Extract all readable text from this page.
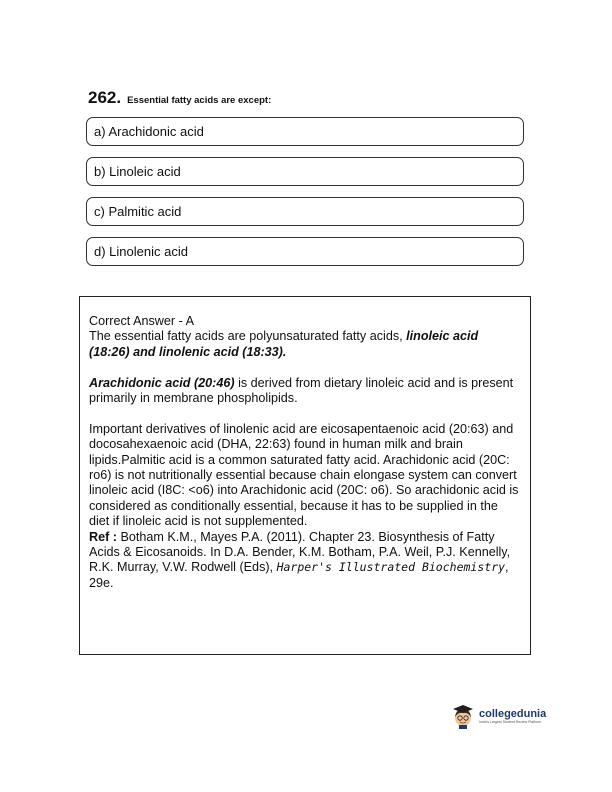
262. Essential fatty acids are except:
a) Arachidonic acid
b) Linoleic acid
c) Palmitic acid
d) Linolenic acid

Correct Answer - A

The essential fatty acids are polyunsaturated fatty acids, linoleic acid (18:26) and linolenic acid (18:33).

Arachidonic acid (20:46) is derived from dietary linoleic acid and is present primarily in membrane phospholipids.

Important derivatives of linolenic acid are eicosapentaenoic acid (20:63) and docosahexaenoic acid (DHA, 22:63) found in human milk and brain lipids.Palmitic acid is a common saturated fatty acid. Arachidonic acid (20C: ro6) is not nutritionally essential because chain elongase system can convert linoleic acid (I8C: <o6) into Arachidonic acid (20C: o6). So arachidonic acid is considered as conditionally essential, because it has to be supplied in the diet if linoleic acid is not supplemented.

Ref : Botham K.M., Mayes P.A. (2011). Chapter 23. Biosynthesis of Fatty Acids & Eicosanoids. In D.A. Bender, K.M. Botham, P.A. Weil, P.J. Kennelly, R.K. Murray, V.W. Rodwell (Eds), Harper's Illustrated Biochemistry, 29e.

collegedunia
India's Largest Student Review Platform
